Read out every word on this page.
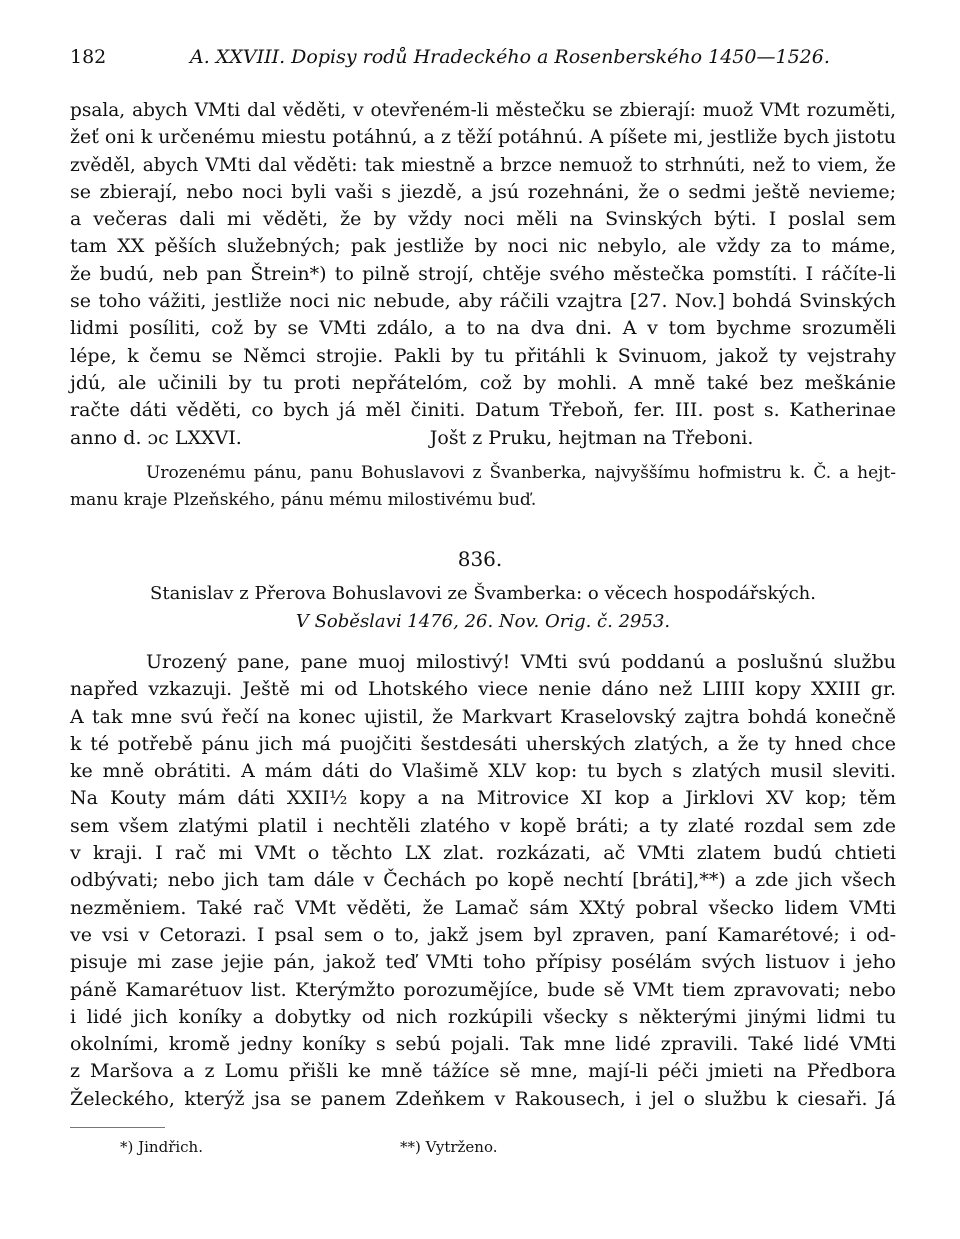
182	A. XXVIII. Dopisy rodů Hradeckého a Rosenberského 1450—1526.
psala, abych VMti dal věděti, v otevřeném-li městečku se zbierají: muož VMt rozuměti,
žeť oni k určenému miestu potáhnú, a z těží potáhnú. A píšete mi, jestliže bych jistotu
zvěděl, abych VMti dal věděti: tak miestně a brzce nemuož to strhnúti, než to viem, že
se zbierají, nebo noci byli vaši s jiezdě, a jsú rozehnáni, že o sedmi ještě nevieme;
a večeras dali mi věděti, že by vždy noci měli na Svinských býti. I poslal sem
tam XX pěších služebných; pak jestliže by noci nic nebylo, ale vždy za to máme,
že budú, neb pan Štrein*) to pilně strojí, chtěje svého městečka pomstíti. I ráčíte-li
se toho vážiti, jestliže noci nic nebude, aby ráčili vzajtra [27. Nov.] bohdá Svinských
lidmi posíliti, což by se VMti zdálo, a to na dva dni. A v tom bychme srozuměli
lépe, k čemu se Němci strojie. Pakli by tu přitáhli k Svinuom, jakož ty vejstrahy
jdú, ale učinili by tu proti nepřátelóm, což by mohli. A mně také bez meškánie
račte dáti věděti, co bych já měl činiti. Datum Třeboň, fer. III. post s. Katherinae
anno d. ɔc LXXVI.	Jošt z Pruku, hejtman na Třeboni.
Urozenému pánu, panu Bohuslavovi z Švanberka, najvyššímu hofmistru k. Č. a hejt-
manu kraje Plzeňského, pánu mému milostivému buď.
836.
Stanislav z Přerova Bohuslavovi ze Švamberka: o věcech hospodářských.
V Soběslavi 1476, 26. Nov. Orig. č. 2953.
Urozený pane, pane muoj milostivý! VMti svú poddanú a poslušnú službu
napřed vzkazuji. Ještě mi od Lhotského viece nenie dáno než LIIII kopy XXIII gr.
A tak mne svú řečí na konec ujistil, že Markvart Kraselovský zajtra bohdá konečně
k té potřebě pánu jich má puojčiti šestdesáti uherských zlatých, a že ty hned chce
ke mně obrátiti. A mám dáti do Vlašimě XLV kop: tu bych s zlatých musil sleviti.
Na Kouty mám dáti XXII½ kopy a na Mitrovice XI kop a Jirklovi XV kop; těm
sem všem zlatými platil i nechtěli zlatého v kopě bráti; a ty zlaté rozdal sem zde
v kraji. I rač mi VMt o těchto LX zlat. rozkázati, ač VMti zlatem budú chtieti
odbývati; nebo jich tam dále v Čechách po kopě nechtí [bráti],**) a zde jich všech
nezměniem. Také rač VMt věděti, že Lamač sám XXtý pobral všecko lidem VMti
ve vsi v Cetorazi. I psal sem o to, jakž jsem byl zpraven, paní Kamarétové; i od-
pisuje mi zase jejie pán, jakož teď VMti toho přípisy posélám svých listuov i jeho
páně Kamarétuov list. Kterýmžto porozumějíce, bude sě VMt tiem zpravovati; nebo
i lidé jich koníky a dobytky od nich rozkúpili všecky s některými jinými lidmi tu
okolními, kromě jedny koníky s sebú pojali. Tak mne lidé zpravili. Také lidé VMti
z Maršova a z Lomu přišli ke mně tážíce sě mne, mají-li péči jmieti na Předbora
Želeckého, kterýž jsa se panem Zdeňkem v Rakousech, i jel o službu k ciesaři. Já
*) Jindřich.	**) Vytrženo.
